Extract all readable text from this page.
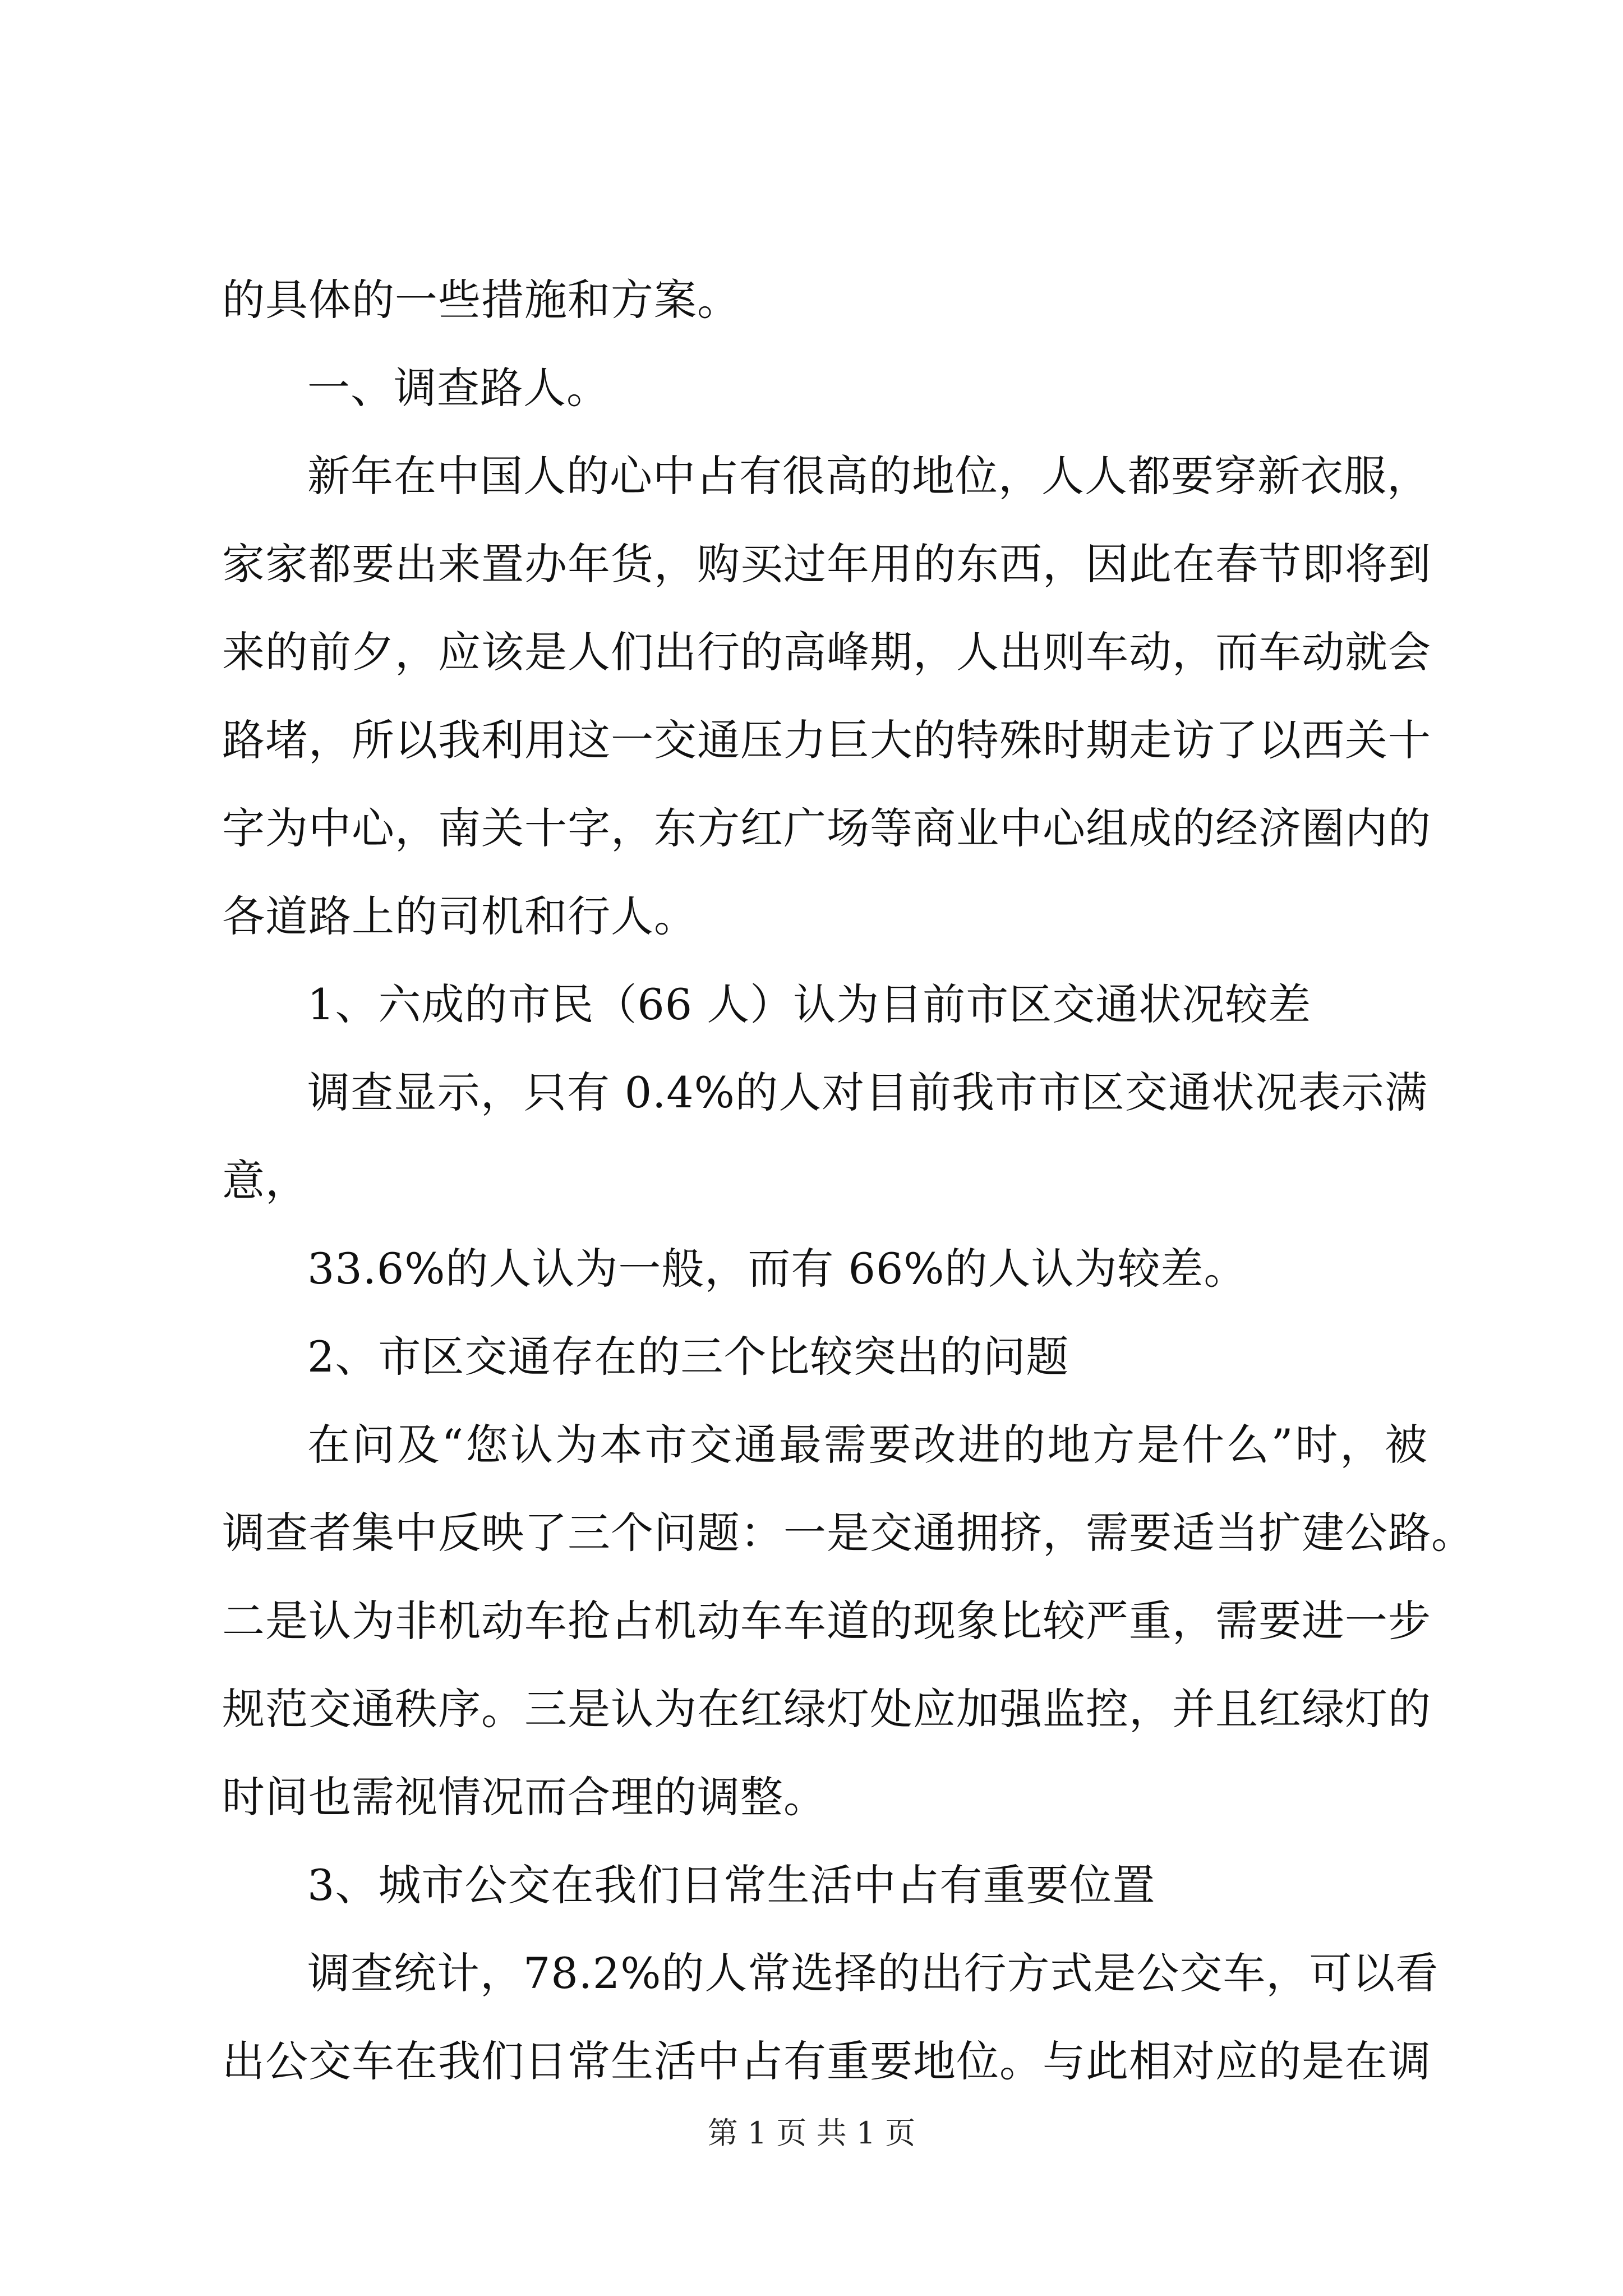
的具体的一些措施和方案。
一、调查路人。
新年在中国人的心中占有很高的地位，人人都要穿新衣服，
家家都要出来置办年货，购买过年用的东西，因此在春节即将到
来的前夕，应该是人们出行的高峰期，人出则车动，而车动就会
路堵，所以我利用这一交通压力巨大的特殊时期走访了以西关十
字为中心，南关十字，东方红广场等商业中心组成的经济圈内的
各道路上的司机和行人。
1、六成的市民（66 人）认为目前市区交通状况较差
调查显示，只有 0.4%的人对目前我市市区交通状况表示满
意，
33.6%的人认为一般，而有 66%的人认为较差。
2、市区交通存在的三个比较突出的问题
在问及“您认为本市交通最需要改进的地方是什么”时，被
调查者集中反映了三个问题：一是交通拥挤，需要适当扩建公路。
二是认为非机动车抢占机动车车道的现象比较严重，需要进一步
规范交通秩序。三是认为在红绿灯处应加强监控，并且红绿灯的
时间也需视情况而合理的调整。
3、城市公交在我们日常生活中占有重要位置
调查统计，78.2%的人常选择的出行方式是公交车，可以看
出公交车在我们日常生活中占有重要地位。与此相对应的是在调
第 1 页 共 1 页
